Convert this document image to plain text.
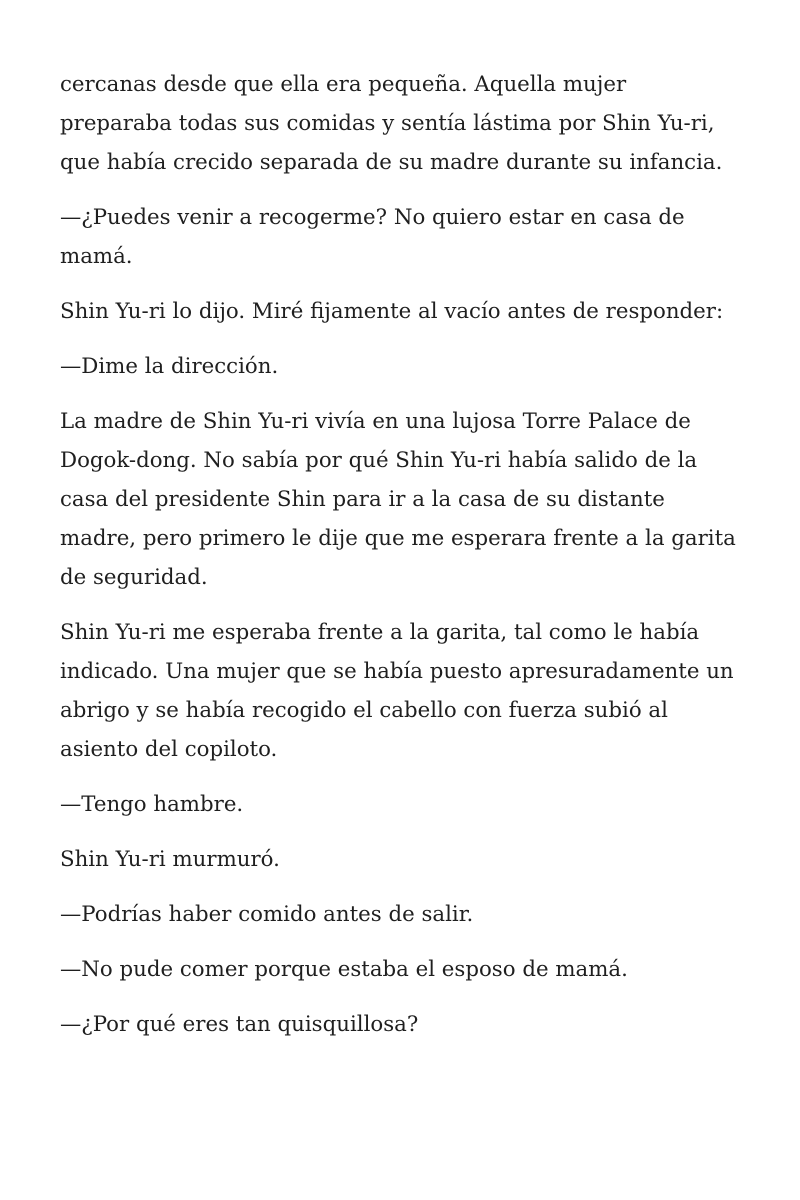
cercanas desde que ella era pequeña. Aquella mujer preparaba todas sus comidas y sentía lástima por Shin Yu-ri, que había crecido separada de su madre durante su infancia.

—¿Puedes venir a recogerme? No quiero estar en casa de mamá.

Shin Yu-ri lo dijo. Miré fijamente al vacío antes de responder:

—Dime la dirección.

La madre de Shin Yu-ri vivía en una lujosa Torre Palace de Dogok-dong. No sabía por qué Shin Yu-ri había salido de la casa del presidente Shin para ir a la casa de su distante madre, pero primero le dije que me esperara frente a la garita de seguridad.

Shin Yu-ri me esperaba frente a la garita, tal como le había indicado. Una mujer que se había puesto apresuradamente un abrigo y se había recogido el cabello con fuerza subió al asiento del copiloto.

—Tengo hambre.

Shin Yu-ri murmuró.

—Podrías haber comido antes de salir.

—No pude comer porque estaba el esposo de mamá.

—¿Por qué eres tan quisquillosa?
